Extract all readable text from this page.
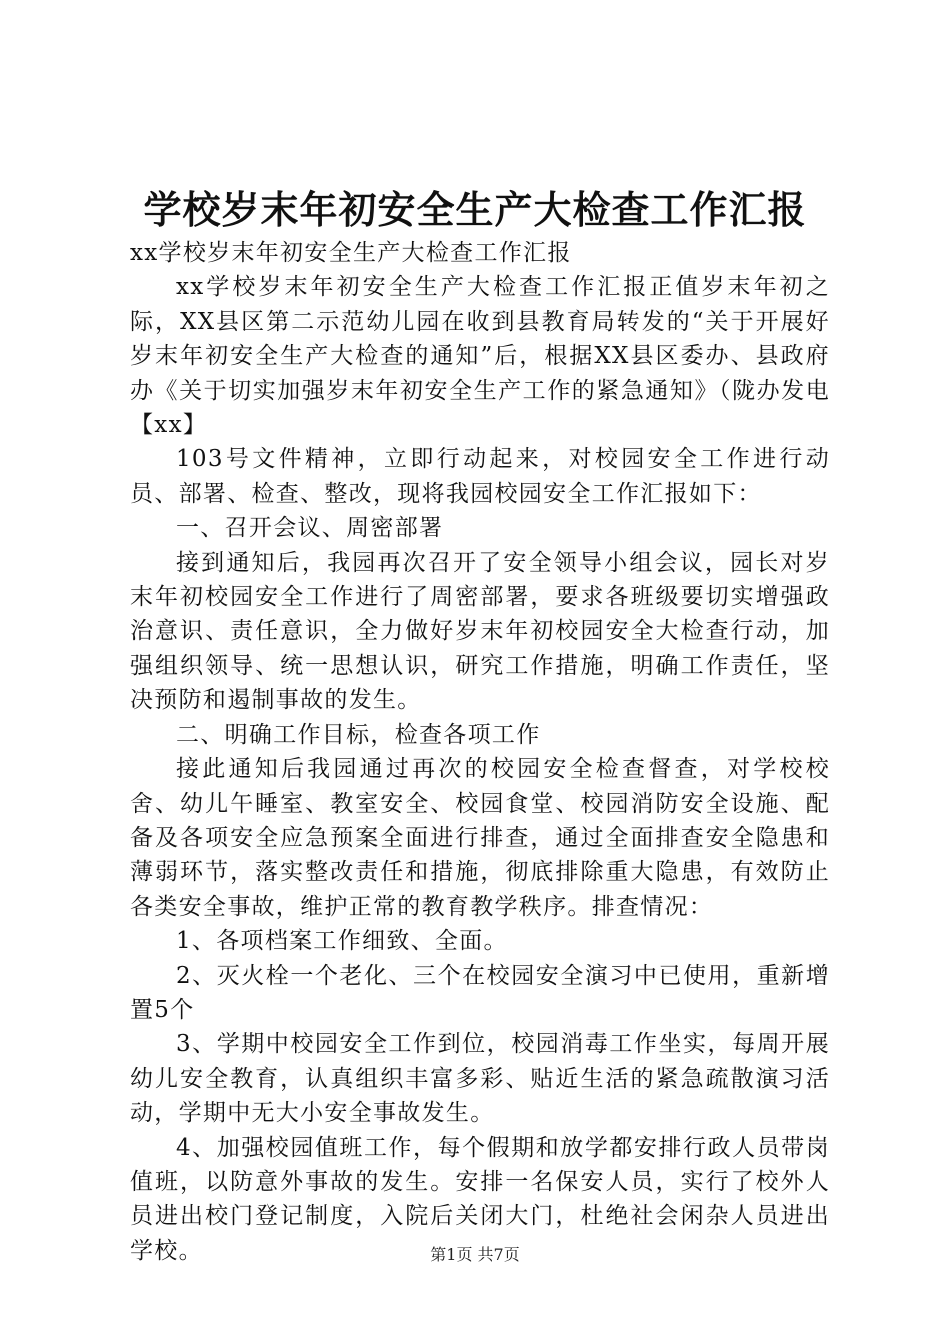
学校岁末年初安全生产大检查工作汇报

xx学校岁末年初安全生产大检查工作汇报

xx学校岁末年初安全生产大检查工作汇报正值岁末年初之际，XX县区第二示范幼儿园在收到县教育局转发的“关于开展好岁末年初安全生产大检查的通知”后，根据XX县区委办、县政府办《关于切实加强岁末年初安全生产工作的紧急通知》（陇办发电【xx】

103号文件精神，立即行动起来，对校园安全工作进行动员、部署、检查、整改，现将我园校园安全工作汇报如下：

一、召开会议、周密部署

接到通知后，我园再次召开了安全领导小组会议，园长对岁末年初校园安全工作进行了周密部署，要求各班级要切实增强政治意识、责任意识，全力做好岁末年初校园安全大检查行动，加强组织领导、统一思想认识，研究工作措施，明确工作责任，坚决预防和遏制事故的发生。

二、明确工作目标，检查各项工作

接此通知后我园通过再次的校园安全检查督查，对学校校舍、幼儿午睡室、教室安全、校园食堂、校园消防安全设施、配备及各项安全应急预案全面进行排查，通过全面排查安全隐患和薄弱环节，落实整改责任和措施，彻底排除重大隐患，有效防止各类安全事故，维护正常的教育教学秩序。排查情况：

1、各项档案工作细致、全面。

2、灭火栓一个老化、三个在校园安全演习中已使用，重新增置5个

3、学期中校园安全工作到位，校园消毒工作坐实，每周开展幼儿安全教育，认真组织丰富多彩、贴近生活的紧急疏散演习活动，学期中无大小安全事故发生。

4、加强校园值班工作，每个假期和放学都安排行政人员带岗值班，以防意外事故的发生。安排一名保安人员，实行了校外人员进出校门登记制度，入院后关闭大门，杜绝社会闲杂人员进出学校。	第1页 共7页
